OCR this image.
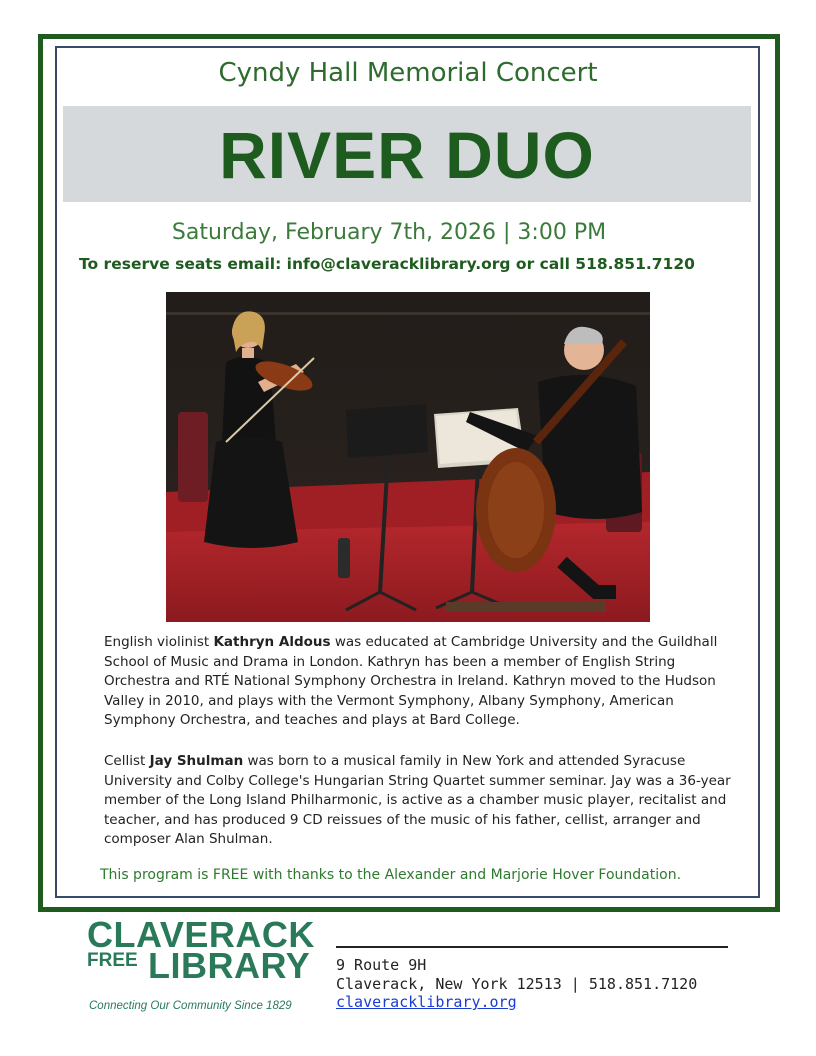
Cyndy Hall Memorial Concert
RIVER DUO
Saturday, February 7th, 2026 | 3:00 PM
To reserve seats email: info@claveracklibrary.org or call 518.851.7120

English violinist Kathryn Aldous was educated at Cambridge University and the Guildhall School of Music and Drama in London. Kathryn has been a member of English String Orchestra and RTÉ National Symphony Orchestra in Ireland. Kathryn moved to the Hudson Valley in 2010, and plays with the Vermont Symphony, Albany Symphony, American Symphony Orchestra, and teaches and plays at Bard College.

Cellist Jay Shulman was born to a musical family in New York and attended Syracuse University and Colby College's Hungarian String Quartet summer seminar. Jay was a 36-year member of the Long Island Philharmonic, is active as a chamber music player, recitalist and teacher, and has produced 9 CD reissues of the music of his father, cellist, arranger and composer Alan Shulman.

This program is FREE with thanks to the Alexander and Marjorie Hover Foundation.
CLAVERACK
FREE LIBRARY
Connecting Our Community Since 1829
9 Route 9H
Claverack, New York 12513 | 518.851.7120
claveracklibrary.org
